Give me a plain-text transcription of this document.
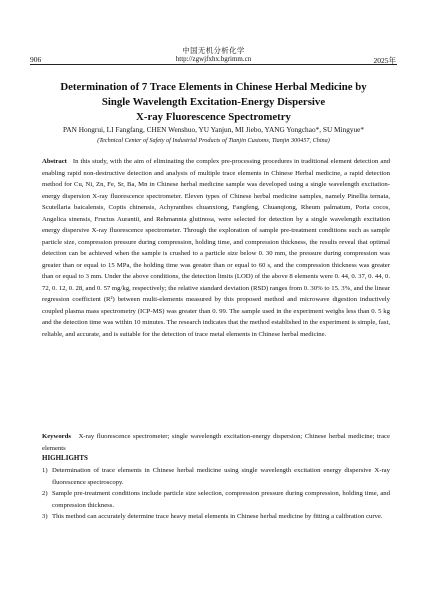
中国无机分析化学
906	http://zgwjfxhx.bgrimm.cn	2025年
Determination of 7 Trace Elements in Chinese Herbal Medicine by
Single Wavelength Excitation-Energy Dispersive
X-ray Fluorescence Spectrometry
PAN Hongrui, LI Fangfang, CHEN Wenshuo, YU Yanjun, MI Jiebo, YANG Yongchao*, SU Mingyue*
(Technical Center of Safety of Industrial Products of Tianjin Customs, Tianjin 300457, China)
Abstract In this study, with the aim of eliminating the complex pre-processing procedures in traditional element detection and enabling rapid non-destructive detection and analysis of multiple trace elements in Chinese Herbal medicine, a rapid detection method for Cu, Ni, Zn, Fe, Sr, Ba, Mn in Chinese herbal medicine sample was developed using a single wavelength excitation-energy dispersion X-ray fluorescence spectrometer. Eleven types of Chinese herbal medicine samples, namely Pinellia ternata, Scutellaria baicalensis, Coptis chinensis, Achyranthes chuanxiong, Fangfeng, Chuanqiong, Rheum palmatum, Poria cocos, Angelica sinensis, Fructus Aurantii, and Rehmannia glutinosa, were selected for detection by a single wavelength excitation energy dispersive X-ray fluorescence spectrometer. Through the exploration of sample pre-treatment conditions such as sample particle size, compression pressure during compression, holding time, and compression thickness, the results reveal that optimal detection can be achieved when the sample is crushed to a particle size below 0. 30 mm, the pressure during compression was greater than or equal to 15 MPa, the holding time was greater than or equal to 60 s, and the compression thickness was greater than or equal to 3 mm. Under the above conditions, the detection limits (LOD) of the above 8 elements were 0. 44, 0. 37, 0. 44, 0. 72, 0. 12, 0. 28, and 0. 57 mg/kg, respectively; the relative standard deviation (RSD) ranges from 0. 30% to 15. 3%, and the linear regression coefficient (R²) between multi-elements measured by this proposed method and microwave digestion inductively coupled plasma mass spectrometry (ICP-MS) was greater than 0. 99. The sample used in the experiment weighs less than 0. 5 kg and the detection time was within 10 minutes. The research indicates that the method established in the experiment is simple, fast, reliable, and accurate, and is suitable for the detection of trace metal elements in Chinese herbal medicine.
Keywords X-ray fluorescence spectrometer; single wavelength excitation-energy dispersion; Chinese herbal medicine; trace elements
HIGHLIGHTS
1) Determination of trace elements in Chinese herbal medicine using single wavelength excitation energy dispersive X-ray fluorescence spectroscopy.
2) Sample pre-treatment conditions include particle size selection, compression pressure during compression, holding time, and compression thickness.
3) This method can accurately determine trace heavy metal elements in Chinese herbal medicine by fitting a calibration curve.
